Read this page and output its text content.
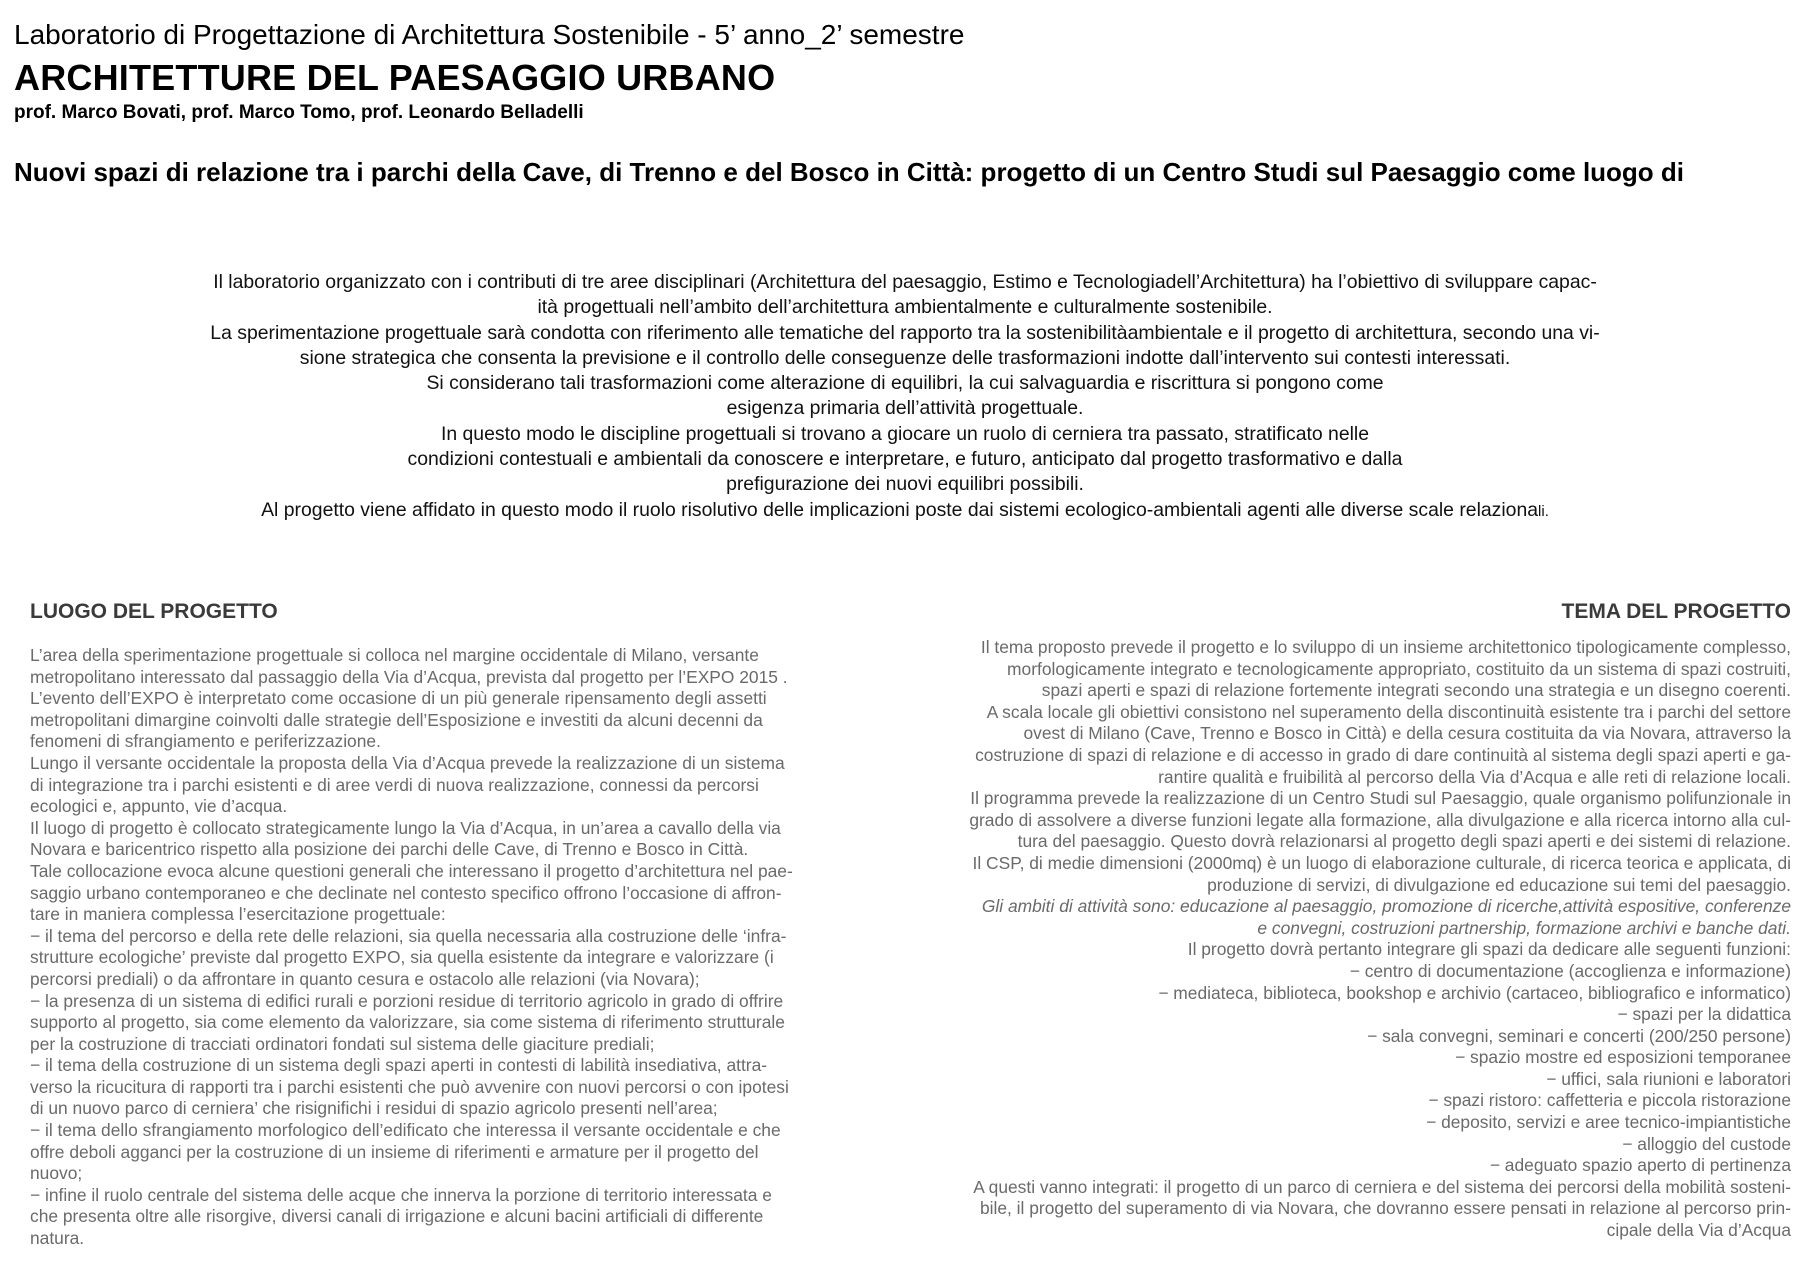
Laboratorio di Progettazione di Architettura Sostenibile - 5’ anno_2’ semestre
ARCHITETTURE DEL PAESAGGIO URBANO
prof. Marco Bovati, prof. Marco Tomo, prof. Leonardo Belladelli
Nuovi spazi di relazione tra i parchi della Cave, di Trenno e del Bosco in Città: progetto di un Centro Studi sul Paesaggio come luogo di

Il laboratorio organizzato con i contributi di tre aree disciplinari (Architettura del paesaggio, Estimo e Tecnologiadell’Architettura) ha l’obiettivo di sviluppare capac-

ità progettuali nell’ambito dell’architettura ambientalmente e culturalmente sostenibile.

La sperimentazione progettuale sarà condotta con riferimento alle tematiche del rapporto tra la sostenibilitàambientale e il progetto di architettura, secondo una vi-

sione strategica che consenta la previsione e il controllo delle conseguenze delle trasformazioni indotte dall’intervento sui contesti interessati.

Si considerano tali trasformazioni come alterazione di equilibri, la cui salvaguardia e riscrittura si pongono come

esigenza primaria dell’attività progettuale.

In questo modo le discipline progettuali si trovano a giocare un ruolo di cerniera tra passato, stratificato nelle

condizioni contestuali e ambientali da conoscere e interpretare, e futuro, anticipato dal progetto trasformativo e dalla

prefigurazione dei nuovi equilibri possibili.

Al progetto viene affidato in questo modo il ruolo risolutivo delle implicazioni poste dai sistemi ecologico-ambientali agenti alle diverse scale relazionali.

LUOGO DEL PROGETTO

L’area della sperimentazione progettuale si colloca nel margine occidentale di Milano, versante

metropolitano interessato dal passaggio della Via d’Acqua, prevista dal progetto per l’EXPO 2015 .

L’evento dell’EXPO è interpretato come occasione di un più generale ripensamento degli assetti

metropolitani dimargine coinvolti dalle strategie dell’Esposizione e investiti da alcuni decenni da

fenomeni di sfrangiamento e periferizzazione.

Lungo il versante occidentale la proposta della Via d’Acqua prevede la realizzazione di un sistema

di integrazione tra i parchi esistenti e di aree verdi di nuova realizzazione, connessi da percorsi

ecologici e, appunto, vie d’acqua.

Il luogo di progetto è collocato strategicamente lungo la Via d’Acqua, in un’area a cavallo della via

Novara e baricentrico rispetto alla posizione dei parchi delle Cave, di Trenno e Bosco in Città.

Tale collocazione evoca alcune questioni generali che interessano il progetto d’architettura nel pae-

saggio urbano contemporaneo e che declinate nel contesto specifico offrono l’occasione di affron-

tare in maniera complessa l’esercitazione progettuale:

− il tema del percorso e della rete delle relazioni, sia quella necessaria alla costruzione delle ‘infra-

strutture ecologiche’ previste dal progetto EXPO, sia quella esistente da integrare e valorizzare (i

percorsi prediali) o da affrontare in quanto cesura e ostacolo alle relazioni (via Novara);

− la presenza di un sistema di edifici rurali e porzioni residue di territorio agricolo in grado di offrire

supporto al progetto, sia come elemento da valorizzare, sia come sistema di riferimento strutturale

per la costruzione di tracciati ordinatori fondati sul sistema delle giaciture prediali;

− il tema della costruzione di un sistema degli spazi aperti in contesti di labilità insediativa, attra-

verso la ricucitura di rapporti tra i parchi esistenti che può avvenire con nuovi percorsi o con ipotesi

di un nuovo parco di cerniera’ che risignifichi i residui di spazio agricolo presenti nell’area;

− il tema dello sfrangiamento morfologico dell’edificato che interessa il versante occidentale e che

offre deboli agganci per la costruzione di un insieme di riferimenti e armature per il progetto del

nuovo;

− infine il ruolo centrale del sistema delle acque che innerva la porzione di territorio interessata e

che presenta oltre alle risorgive, diversi canali di irrigazione e alcuni bacini artificiali di differente

natura.

TEMA DEL PROGETTO

Il tema proposto prevede il progetto e lo sviluppo di un insieme architettonico tipologicamente complesso,

morfologicamente integrato e tecnologicamente appropriato, costituito da un sistema di spazi costruiti,

spazi aperti e spazi di relazione fortemente integrati secondo una strategia e un disegno coerenti.

A scala locale gli obiettivi consistono nel superamento della discontinuità esistente tra i parchi del settore

ovest di Milano (Cave, Trenno e Bosco in Città) e della cesura costituita da via Novara, attraverso la

costruzione di spazi di relazione e di accesso in grado di dare continuità al sistema degli spazi aperti e ga-

rantire qualità e fruibilità al percorso della Via d’Acqua e alle reti di relazione locali.

Il programma prevede la realizzazione di un Centro Studi sul Paesaggio, quale organismo polifunzionale in

grado di assolvere a diverse funzioni legate alla formazione, alla divulgazione e alla ricerca intorno alla cul-

tura del paesaggio. Questo dovrà relazionarsi al progetto degli spazi aperti e dei sistemi di relazione.

Il CSP, di medie dimensioni (2000mq) è un luogo di elaborazione culturale, di ricerca teorica e applicata, di

produzione di servizi, di divulgazione ed educazione sui temi del paesaggio.

Gli ambiti di attività sono: educazione al paesaggio, promozione di ricerche,attività espositive, conferenze

e convegni, costruzioni partnership, formazione archivi e banche dati.

Il progetto dovrà pertanto integrare gli spazi da dedicare alle seguenti funzioni:

− centro di documentazione (accoglienza e informazione)

− mediateca, biblioteca, bookshop e archivio (cartaceo, bibliografico e informatico)

− spazi per la didattica

− sala convegni, seminari e concerti (200/250 persone)

− spazio mostre ed esposizioni temporanee

− uffici, sala riunioni e laboratori

− spazi ristoro: caffetteria e piccola ristorazione

− deposito, servizi e aree tecnico-impiantistiche

− alloggio del custode

− adeguato spazio aperto di pertinenza

A questi vanno integrati: il progetto di un parco di cerniera e del sistema dei percorsi della mobilità sosteni-

bile, il progetto del superamento di via Novara, che dovranno essere pensati in relazione al percorso prin-

cipale della Via d’Acqua
